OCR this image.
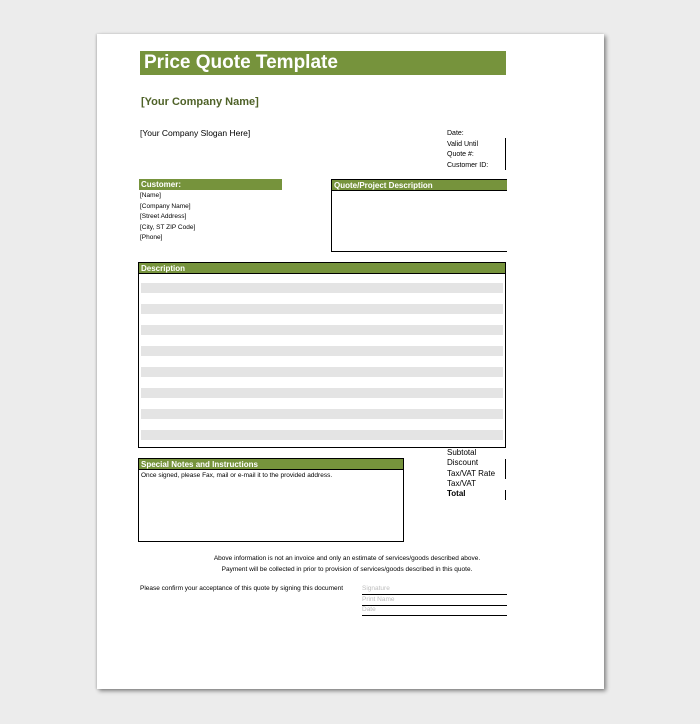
Price Quote Template
[Your Company Name]
[Your Company Slogan Here]	Date:
Valid Until
Quote #:
Customer ID:
Customer:
[Name]
[Company Name]
[Street Address]
[City, ST ZIP Code]
[Phone]
Quote/Project Description
Description
Special Notes and Instructions
Once signed, please Fax, mail or e-mail it to the provided address.
Subtotal
Discount
Tax/VAT Rate
Tax/VAT
Total
Above information is not an invoice and only an estimate of services/goods described above.
Payment will be collected in prior to provision of services/goods described in this quote.
Please confirm your acceptance of this quote by signing this document	Signature
Print Name
Date
